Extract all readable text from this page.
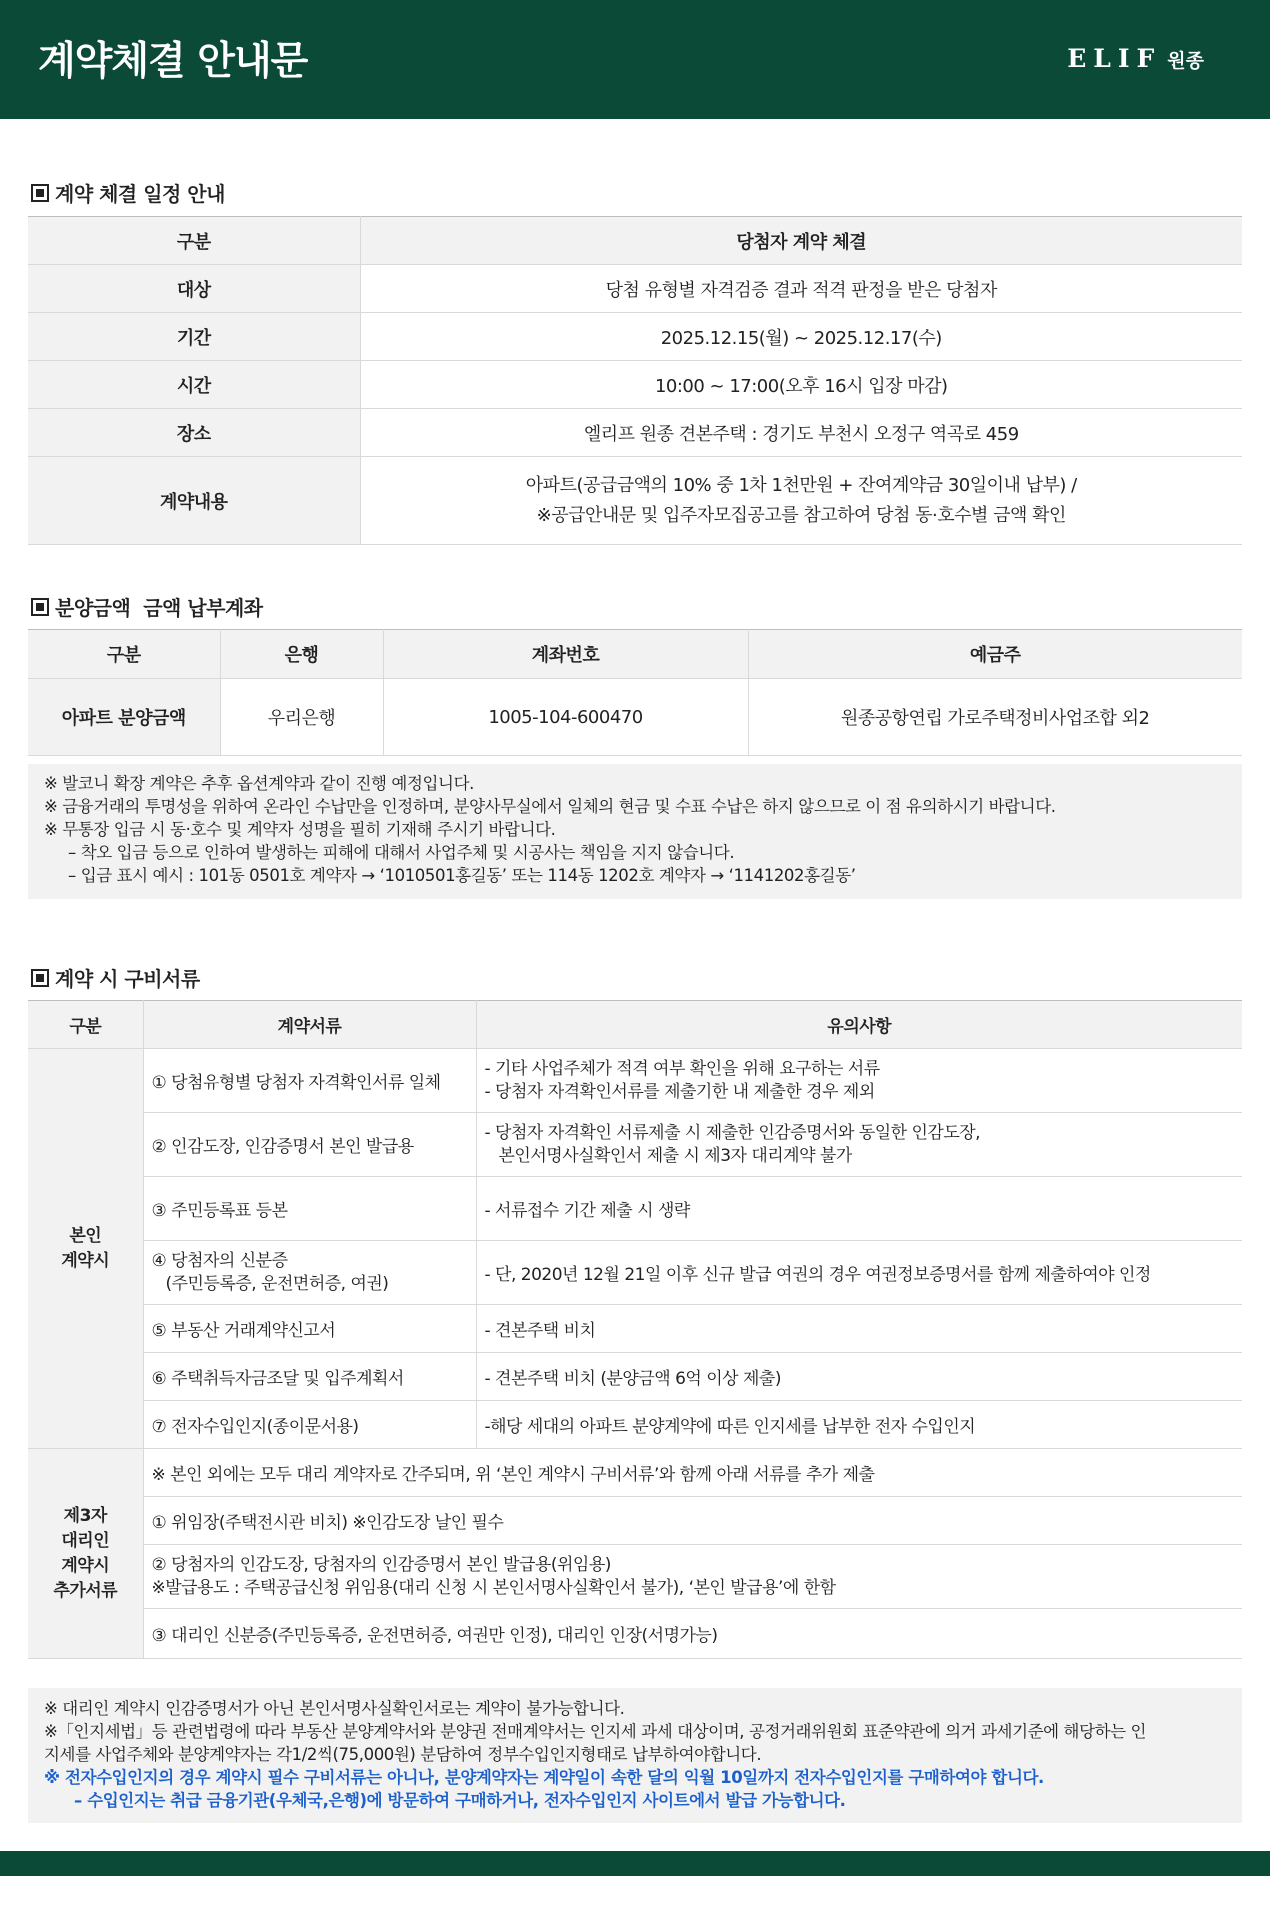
계약체결 안내문	ELIF 원종
계약 체결 일정 안내
구분	당첨자 계약 체결
대상	당첨 유형별 자격검증 결과 적격 판정을 받은 당첨자
기간	2025.12.15(월) ~ 2025.12.17(수)
시간	10:00 ~ 17:00(오후 16시 입장 마감)
장소	엘리프 원종 견본주택 : 경기도 부천시 오정구 역곡로 459
계약내용	아파트(공급금액의 10% 중 1차 1천만원 + 잔여계약금 30일이내 납부) /
※공급안내문 및 입주자모집공고를 참고하여 당첨 동·호수별 금액 확인
분양금액  금액 납부계좌
구분	은행	계좌번호	예금주
아파트 분양금액	우리은행	1005-104-600470	원종공항연립 가로주택정비사업조합 외2
※ 발코니 확장 계약은 추후 옵션계약과 같이 진행 예정입니다.
※ 금융거래의 투명성을 위하여 온라인 수납만을 인정하며, 분양사무실에서 일체의 현금 및 수표 수납은 하지 않으므로 이 점 유의하시기 바랍니다.
※ 무통장 입금 시 동·호수 및 계약자 성명을 필히 기재해 주시기 바랍니다.
– 착오 입금 등으로 인하여 발생하는 피해에 대해서 사업주체 및 시공사는 책임을 지지 않습니다.
– 입금 표시 예시 : 101동 0501호 계약자 → ‘1010501홍길동’ 또는 114동 1202호 계약자 → ‘1141202홍길동’
계약 시 구비서류
구분	계약서류	유의사항
본인
계약시	① 당첨유형별 당첨자 자격확인서류 일체	- 기타 사업주체가 적격 여부 확인을 위해 요구하는 서류
- 당첨자 자격확인서류를 제출기한 내 제출한 경우 제외

	② 인감도장, 인감증명서 본인 발급용	- 당첨자 자격확인 서류제출 시 제출한 인감증명서와 동일한 인감도장,
본인서명사실확인서 제출 시 제3자 대리계약 불가

	③ 주민등록표 등본	- 서류접수 기간 제출 시 생략

	④ 당첨자의 신분증
(주민등록증, 운전면허증, 여권)	- 단, 2020년 12월 21일 이후 신규 발급 여권의 경우 여권정보증명서를 함께 제출하여야 인정
	⑤ 부동산 거래계약신고서	- 견본주택 비치
	⑥ 주택취득자금조달 및 입주계획서	- 견본주택 비치 (분양금액 6억 이상 제출)
	⑦ 전자수입인지(종이문서용)	-해당 세대의 아파트 분양계약에 따른 인지세를 납부한 전자 수입인지
제3자
대리인
계약시
추가서류	※ 본인 외에는 모두 대리 계약자로 간주되며, 위 ‘본인 계약시 구비서류’와 함께 아래 서류를 추가 제출	
	① 위임장(주택전시관 비치) ※인감도장 날인 필수	

	② 당첨자의 인감도장, 당첨자의 인감증명서 본인 발급용(위임용)
※발급용도 : 주택공급신청 위임용(대리 신청 시 본인서명사실확인서 불가), ‘본인 발급용’에 한함	

	③ 대리인 신분증(주민등록증, 운전면허증, 여권만 인정), 대리인 인장(서명가능)	
※ 대리인 계약시 인감증명서가 아닌 본인서명사실확인서로는 계약이 불가능합니다.
※「인지세법」등 관련법령에 따라 부동산 분양계약서와 분양권 전매계약서는 인지세 과세 대상이며, 공정거래위원회 표준약관에 의거 과세기준에 해당하는 인
지세를 사업주체와 분양계약자는 각1/2씩(75,000원) 분담하여 정부수입인지형태로 납부하여야합니다.
※ 전자수입인지의 경우 계약시 필수 구비서류는 아니나, 분양계약자는 계약일이 속한 달의 익월 10일까지 전자수입인지를 구매하여야 합니다.
– 수입인지는 취급 금융기관(우체국,은행)에 방문하여 구매하거나, 전자수입인지 사이트에서 발급 가능합니다.
